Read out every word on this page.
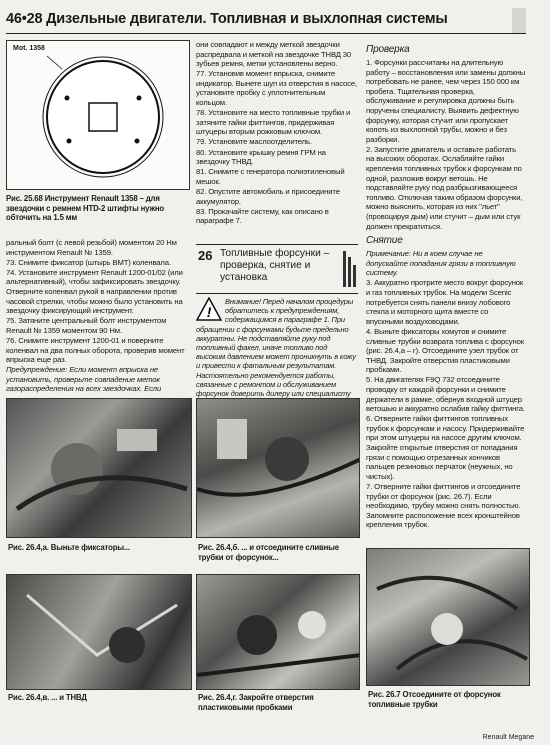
46•28 Дизельные двигатели. Топливная и выхлопная системы
Mot. 1358
Рис. 25.68 Инструмент Renault 1358 – для звездочки с ремнем HTD-2 штифты нужно обточить на 1.5 мм

ральный болт (с левой резьбой) моментом 20 Нм инструментом Renault № 1359.

73. Снимите фиксатор (штырь ВМТ) коленвала.

74. Установите инструмент Renault 1200-01/02 (или альтернативный), чтобы зафиксировать звездочку. Отверните коленвал рукой в направлении против часовой стрелки, чтобы можно было установить на звездочку фиксирующий инструмент.

75. Затяните центральный болт инструментом Renault № 1359 моментом 90 Нм.

76. Снимите инструмент 1200-01 и поверните коленвал на два полных оборота, проверив момент впрыска еще раз.

Предупреждение: Если момент впрыска не установить, проверьте совпадение меток газораспределения на всех звездочках. Если

они совпадают и между меткой звездочки распредвала и меткой на звездочке ТНВД 30 зубьев ремня, метки установлены верно.

77. Установив момент впрыска, снимите индикатор. Вынете шуп из отверстия в насосе, установите пробку с уплотнительным кольцом.

78. Установите на место топливные трубки и затяните гайки фиттингов, придерживая штуцеры вторым рожковым ключом.

79. Установите маслоотделитель.

80. Установите крышку ремня ГРМ на звездочку ТНВД.

81. Снимите с генератора полиэтиленовый мешок.

82. Опустите автомобиль и присоедините аккумулятор.

83. Прокачайте систему, как описано в параграфе 7.

26 Топливные форсунки – проверка, снятие и установка
!
Внимание! Перед началом процедуры обратитесь к предупреждениям, содержащимся в параграфе 1. При обращении с форсунками будьте предельно аккуратны. Не подставляйте руку под топливный факел, иначе топливо под высоким давлением может проникнуть в кожу и привести к фатальным результатам. Настоятельно рекомендуется работы, связанные с ремонтом и обслуживанием форсунок доверить дилеру или специалисту
Проверка

1. Форсунки рассчитаны на длительную работу – восстановления или замены должны потребовать не ранее, чем через 150 000 км пробега. Тщательная проверка, обслуживание и регулировка должны быть поручены специалисту. Выявить дефектную форсунку, которая стучит или пропускает копоть из выхлопной трубы, можно и без разборки.

2. Запустите двигатель и оставьте работать на высоких оборотах. Ослабляйте гайки крепления топливных трубок к форсункам по одной, разложив вокруг ветошь. Не подставляйте руку под разбрызгивающееся топливо. Отключая таким образом форсунки, можно выяснить, которая из них "льет" (провоцируя дым) или стучит – дым или стук должен прекратиться.

Снятие

Примечание: Ни в коем случае не допускайте попадания грязи в топливную систему.

3. Аккуратно протрите место вокруг форсунок и газ топливных трубок. На модели Scenic потребуется снять панели внизу лобового стекла и моторного щита вместе со впускными воздуховодами.

4. Выньте фиксаторы хомутов и снимите сливные трубки возврата топлива с форсунок (рис. 26.4,а – г). Отсоедините узел трубок от ТНВД. Закройте отверстия пластиковыми пробками.

5. На двигателях F9Q 732 отсоедините проводку от каждой форсунки и снимите держатели в рамке, обернув входной штуцер ветошью и аккуратно ослабив гайку фиттинга.

6. Отверните гайки фиттингов топливных трубок к форсункам и насосу. Придерживайте при этом штуцеры на насосе другим ключом. Закройте открытые отверстия от попадания грязи с помощью отрезанных кончиков пальцев резиновых перчаток (неужных, но чистых).

7. Отверните гайки фиттингов и отсоедините трубки от форсунок (рис. 26.7). Если необходимо, трубку можно снять полностью. Запомните расположение всех кронштейнов крепления трубок.

Рис. 26.4,а. Выньте фиксаторы...	Рис. 26.4,б. ... и отсоедините сливные трубки от форсунок...
Рис. 26.4,в. ... и ТНВД	Рис. 26.4,г. Закройте отверстия пластиковыми пробками
Рис. 26.7 Отсоедините от форсунок топливные трубки
Renault Megane
